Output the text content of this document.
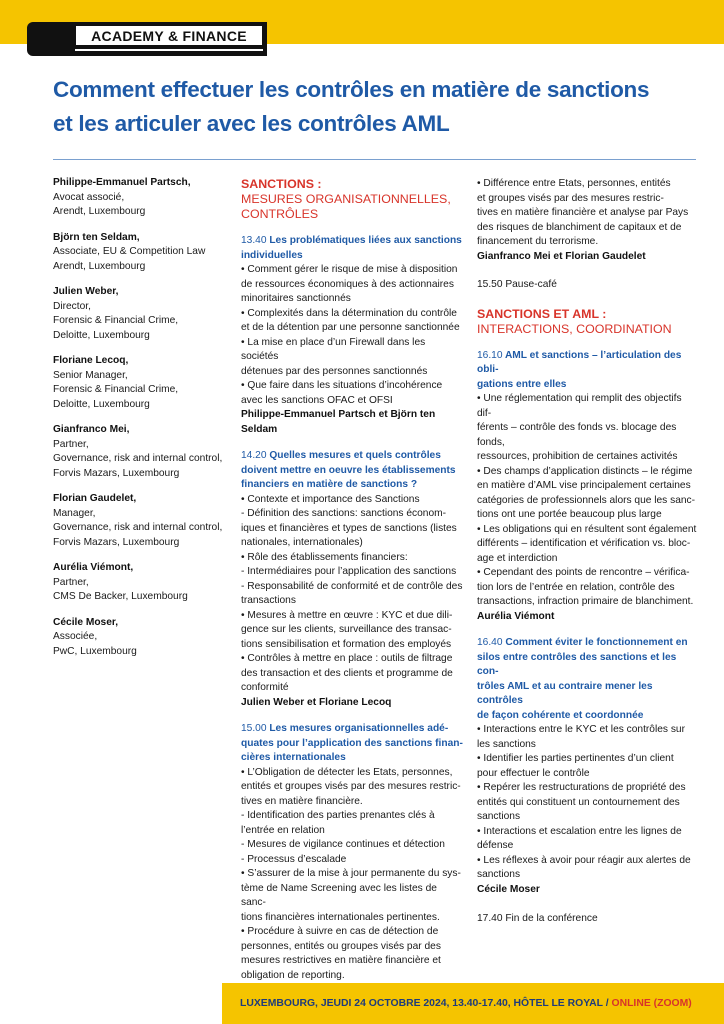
ACADEMY & FINANCE
Comment effectuer les contrôles en matière de sanctions
et les articuler avec les contrôles AML
Philippe-Emmanuel Partsch,
Avocat associé,
Arendt, Luxembourg
Björn ten Seldam,
Associate, EU & Competition Law
Arendt, Luxembourg
Julien Weber,
Director,
Forensic & Financial Crime,
Deloitte, Luxembourg
Floriane Lecoq,
Senior Manager,
Forensic & Financial Crime,
Deloitte, Luxembourg
Gianfranco Mei,
Partner,
Governance, risk and internal control,
Forvis Mazars, Luxembourg
Florian Gaudelet,
Manager,
Governance, risk and internal control,
Forvis Mazars, Luxembourg
Aurélia Viémont,
Partner,
CMS De Backer, Luxembourg
Cécile Moser,
Associée,
PwC, Luxembourg
SANCTIONS :
MESURES ORGANISATIONNELLES,
CONTRÔLES
13.40 Les problématiques liées aux sanctions
individuelles
• Comment gérer le risque de mise à disposition
de ressources économiques à des actionnaires
minoritaires sanctionnés
• Complexités dans la détermination du contrôle
et de la détention par une personne sanctionnée
• La mise en place d’un Firewall dans les sociétés
détenues par des personnes sanctionnés
• Que faire dans les situations d’incohérence
avec les sanctions OFAC et OFSI
Philippe-Emmanuel Partsch et Björn ten Seldam
14.20 Quelles mesures et quels contrôles
doivent mettre en oeuvre les établissements
financiers en matière de sanctions ?
• Contexte et importance des Sanctions
- Définition des sanctions: sanctions économ-
iques et financières et types de sanctions (listes
nationales, internationales)
• Rôle des établissements financiers:
- Intermédiaires pour l’application des sanctions
- Responsabilité de conformité et de contrôle des
transactions
• Mesures à mettre en œuvre : KYC et due dili-
gence sur les clients, surveillance des transac-
tions sensibilisation et formation des employés
• Contrôles à mettre en place : outils de filtrage
des transaction et des clients et programme de
conformité
Julien Weber et Floriane Lecoq
15.00 Les mesures organisationnelles adé-
quates pour l’application des sanctions finan-
cières internationales
• L’Obligation de détecter les Etats, personnes,
entités et groupes visés par des mesures restric-
tives en matière financière.
- Identification des parties prenantes clés à
l’entrée en relation
- Mesures de vigilance continues et détection
- Processus d’escalade
• S’assurer de la mise à jour permanente du sys-
tème de Name Screening avec les listes de sanc-
tions financières internationales pertinentes.
• Procédure à suivre en cas de détection de
personnes, entités ou groupes visés par des
mesures restrictives en matière financière et
obligation de reporting.
• Différence entre Etats, personnes, entités
et groupes visés par des mesures restric-
tives en matière financière et analyse par Pays
des risques de blanchiment de capitaux et de
financement du terrorisme.
Gianfranco Mei et Florian Gaudelet
15.50 Pause-café
SANCTIONS ET AML :
INTERACTIONS, COORDINATION
16.10 AML et sanctions – l’articulation des obli-
gations entre elles
• Une réglementation qui remplit des objectifs dif-
férents – contrôle des fonds vs. blocage des fonds,
ressources, prohibition de certaines activités
• Des champs d’application distincts – le régime
en matière d’AML vise principalement certaines
catégories de professionnels alors que les sanc-
tions ont une portée beaucoup plus large
• Les obligations qui en résultent sont également
différents – identification et vérification vs. bloc-
age et interdiction
• Cependant des points de rencontre – vérifica-
tion lors de l’entrée en relation, contrôle des
transactions, infraction primaire de blanchiment.
Aurélia Viémont
16.40 Comment éviter le fonctionnement en
silos entre contrôles des sanctions et les con-
trôles AML et au contraire mener les contrôles
de façon cohérente et coordonnée
• Interactions entre le KYC et les contrôles sur
les sanctions
• Identifier les parties pertinentes d’un client
pour effectuer le contrôle
• Repérer les restructurations de propriété des
entités qui constituent un contournement des
sanctions
• Interactions et escalation entre les lignes de
défense
• Les réflexes à avoir pour réagir aux alertes de
sanctions
Cécile Moser
17.40 Fin de la conférence
LUXEMBOURG, JEUDI 24 OCTOBRE 2024, 13.40-17.40, HÔTEL LE ROYAL / ONLINE (ZOOM)
